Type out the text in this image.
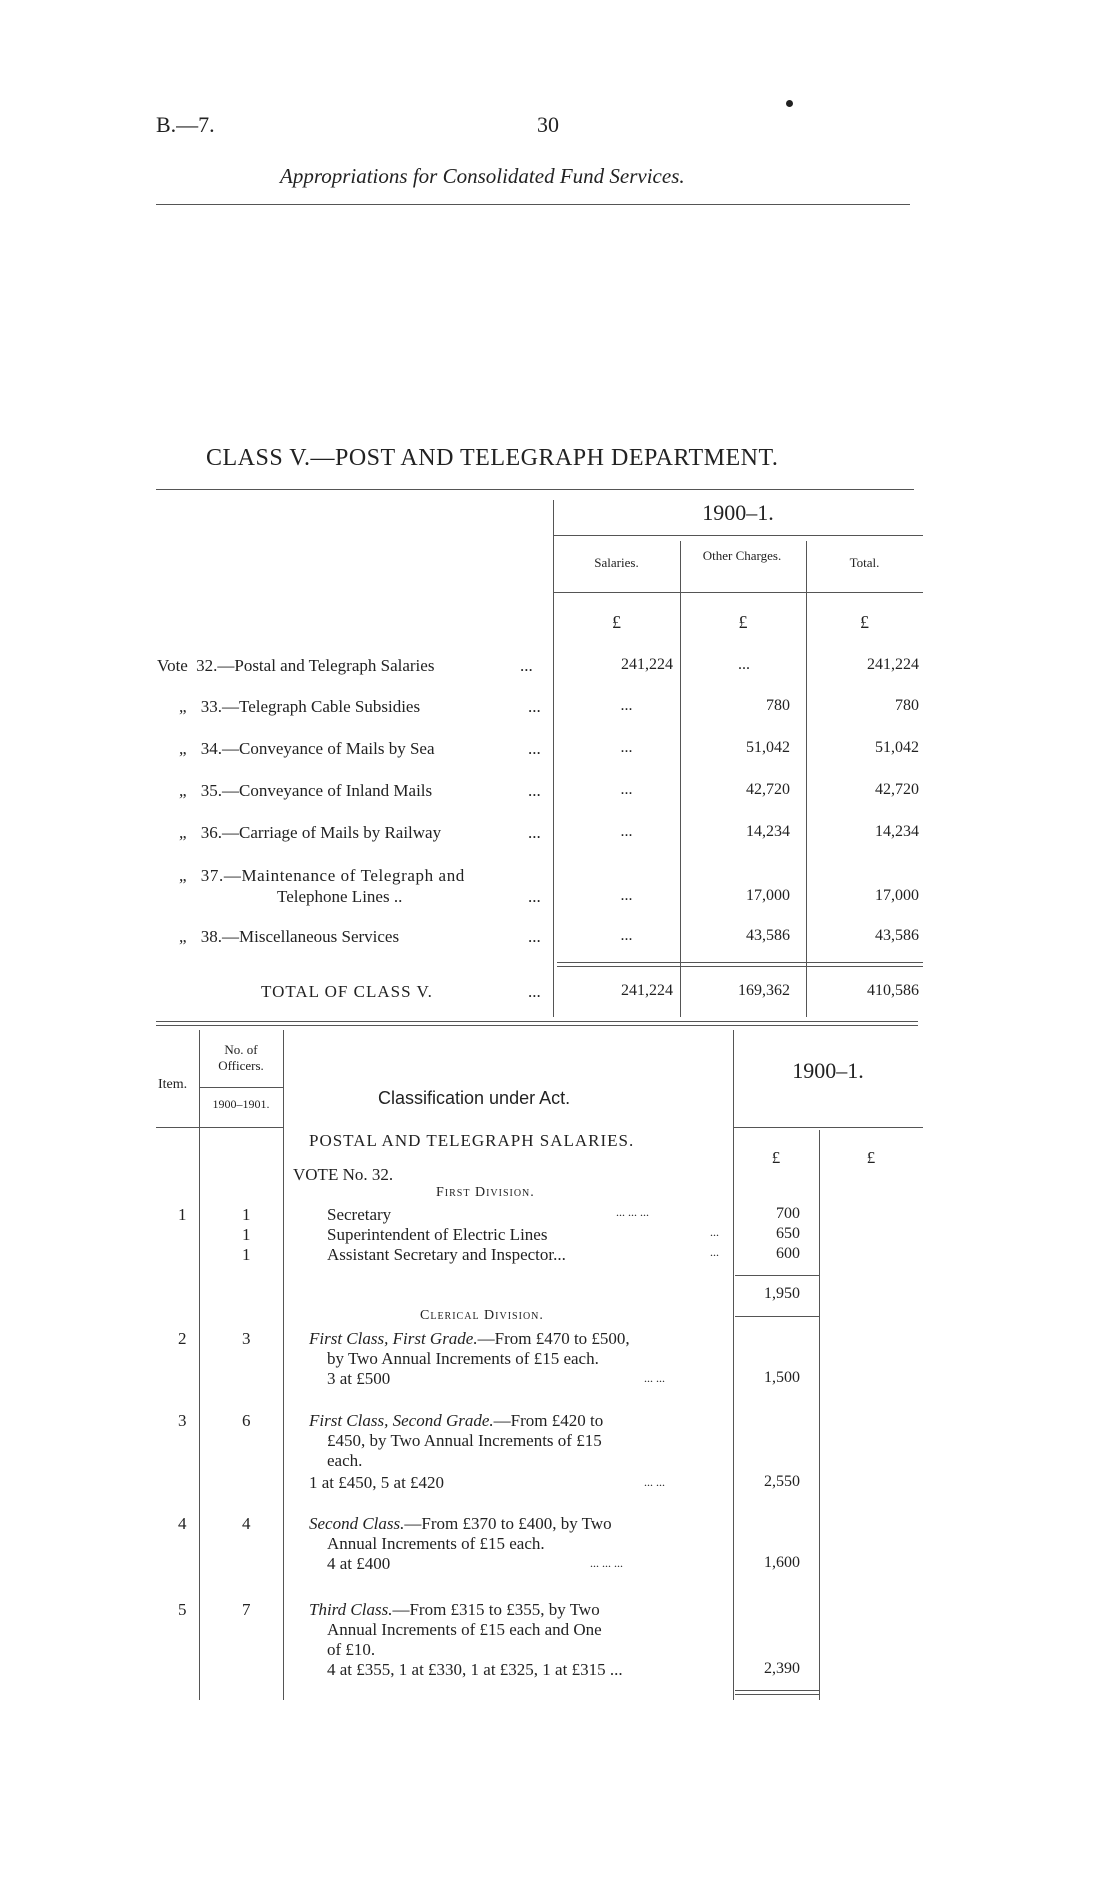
B.—7.	30
Appropriations for Consolidated Fund Services.
CLASS V.—POST AND TELEGRAPH DEPARTMENT.
1900–1.
Salaries.	Other Charges.	Total.
£	£	£
Vote 32.—Postal and Telegraph Salaries	...	241,224	...	241,224
„ 33.—Telegraph Cable Subsidies	...	...	780	780
„ 34.—Conveyance of Mails by Sea	...	...	51,042	51,042
„ 35.—Conveyance of Inland Mails	...	...	42,720	42,720
„ 36.—Carriage of Mails by Railway	...	...	14,234	14,234
„ 37.—Maintenance of Telegraph and
Telephone Lines ..	...	...	17,000	17,000
„ 38.—Miscellaneous Services	...	...	43,586	43,586
TOTAL OF CLASS V.	...	241,224	169,362	410,586
Item.
No. of Officers.
1900–1901.	Classification under Act.
1900–1.
POSTAL AND TELEGRAPH SALARIES.
£	£
VOTE No. 32.
First Division.
1	1	Secretary	... ... ...	700
1	Superintendent of Electric Lines	...	650
1	Assistant Secretary and Inspector...	...	600
1,950
Clerical Division.
2	3	First Class, First Grade.—From £470 to £500,
by Two Annual Increments of £15 each.
3 at £500	... ...	1,500
3	6	First Class, Second Grade.—From £420 to
£450, by Two Annual Increments of £15
each.
1 at £450, 5 at £420	... ...	2,550
4	4	Second Class.—From £370 to £400, by Two
Annual Increments of £15 each.
4 at £400	... ... ...	1,600
5	7	Third Class.—From £315 to £355, by Two
Annual Increments of £15 each and One
of £10.
4 at £355, 1 at £330, 1 at £325, 1 at £315 ...	2,390
